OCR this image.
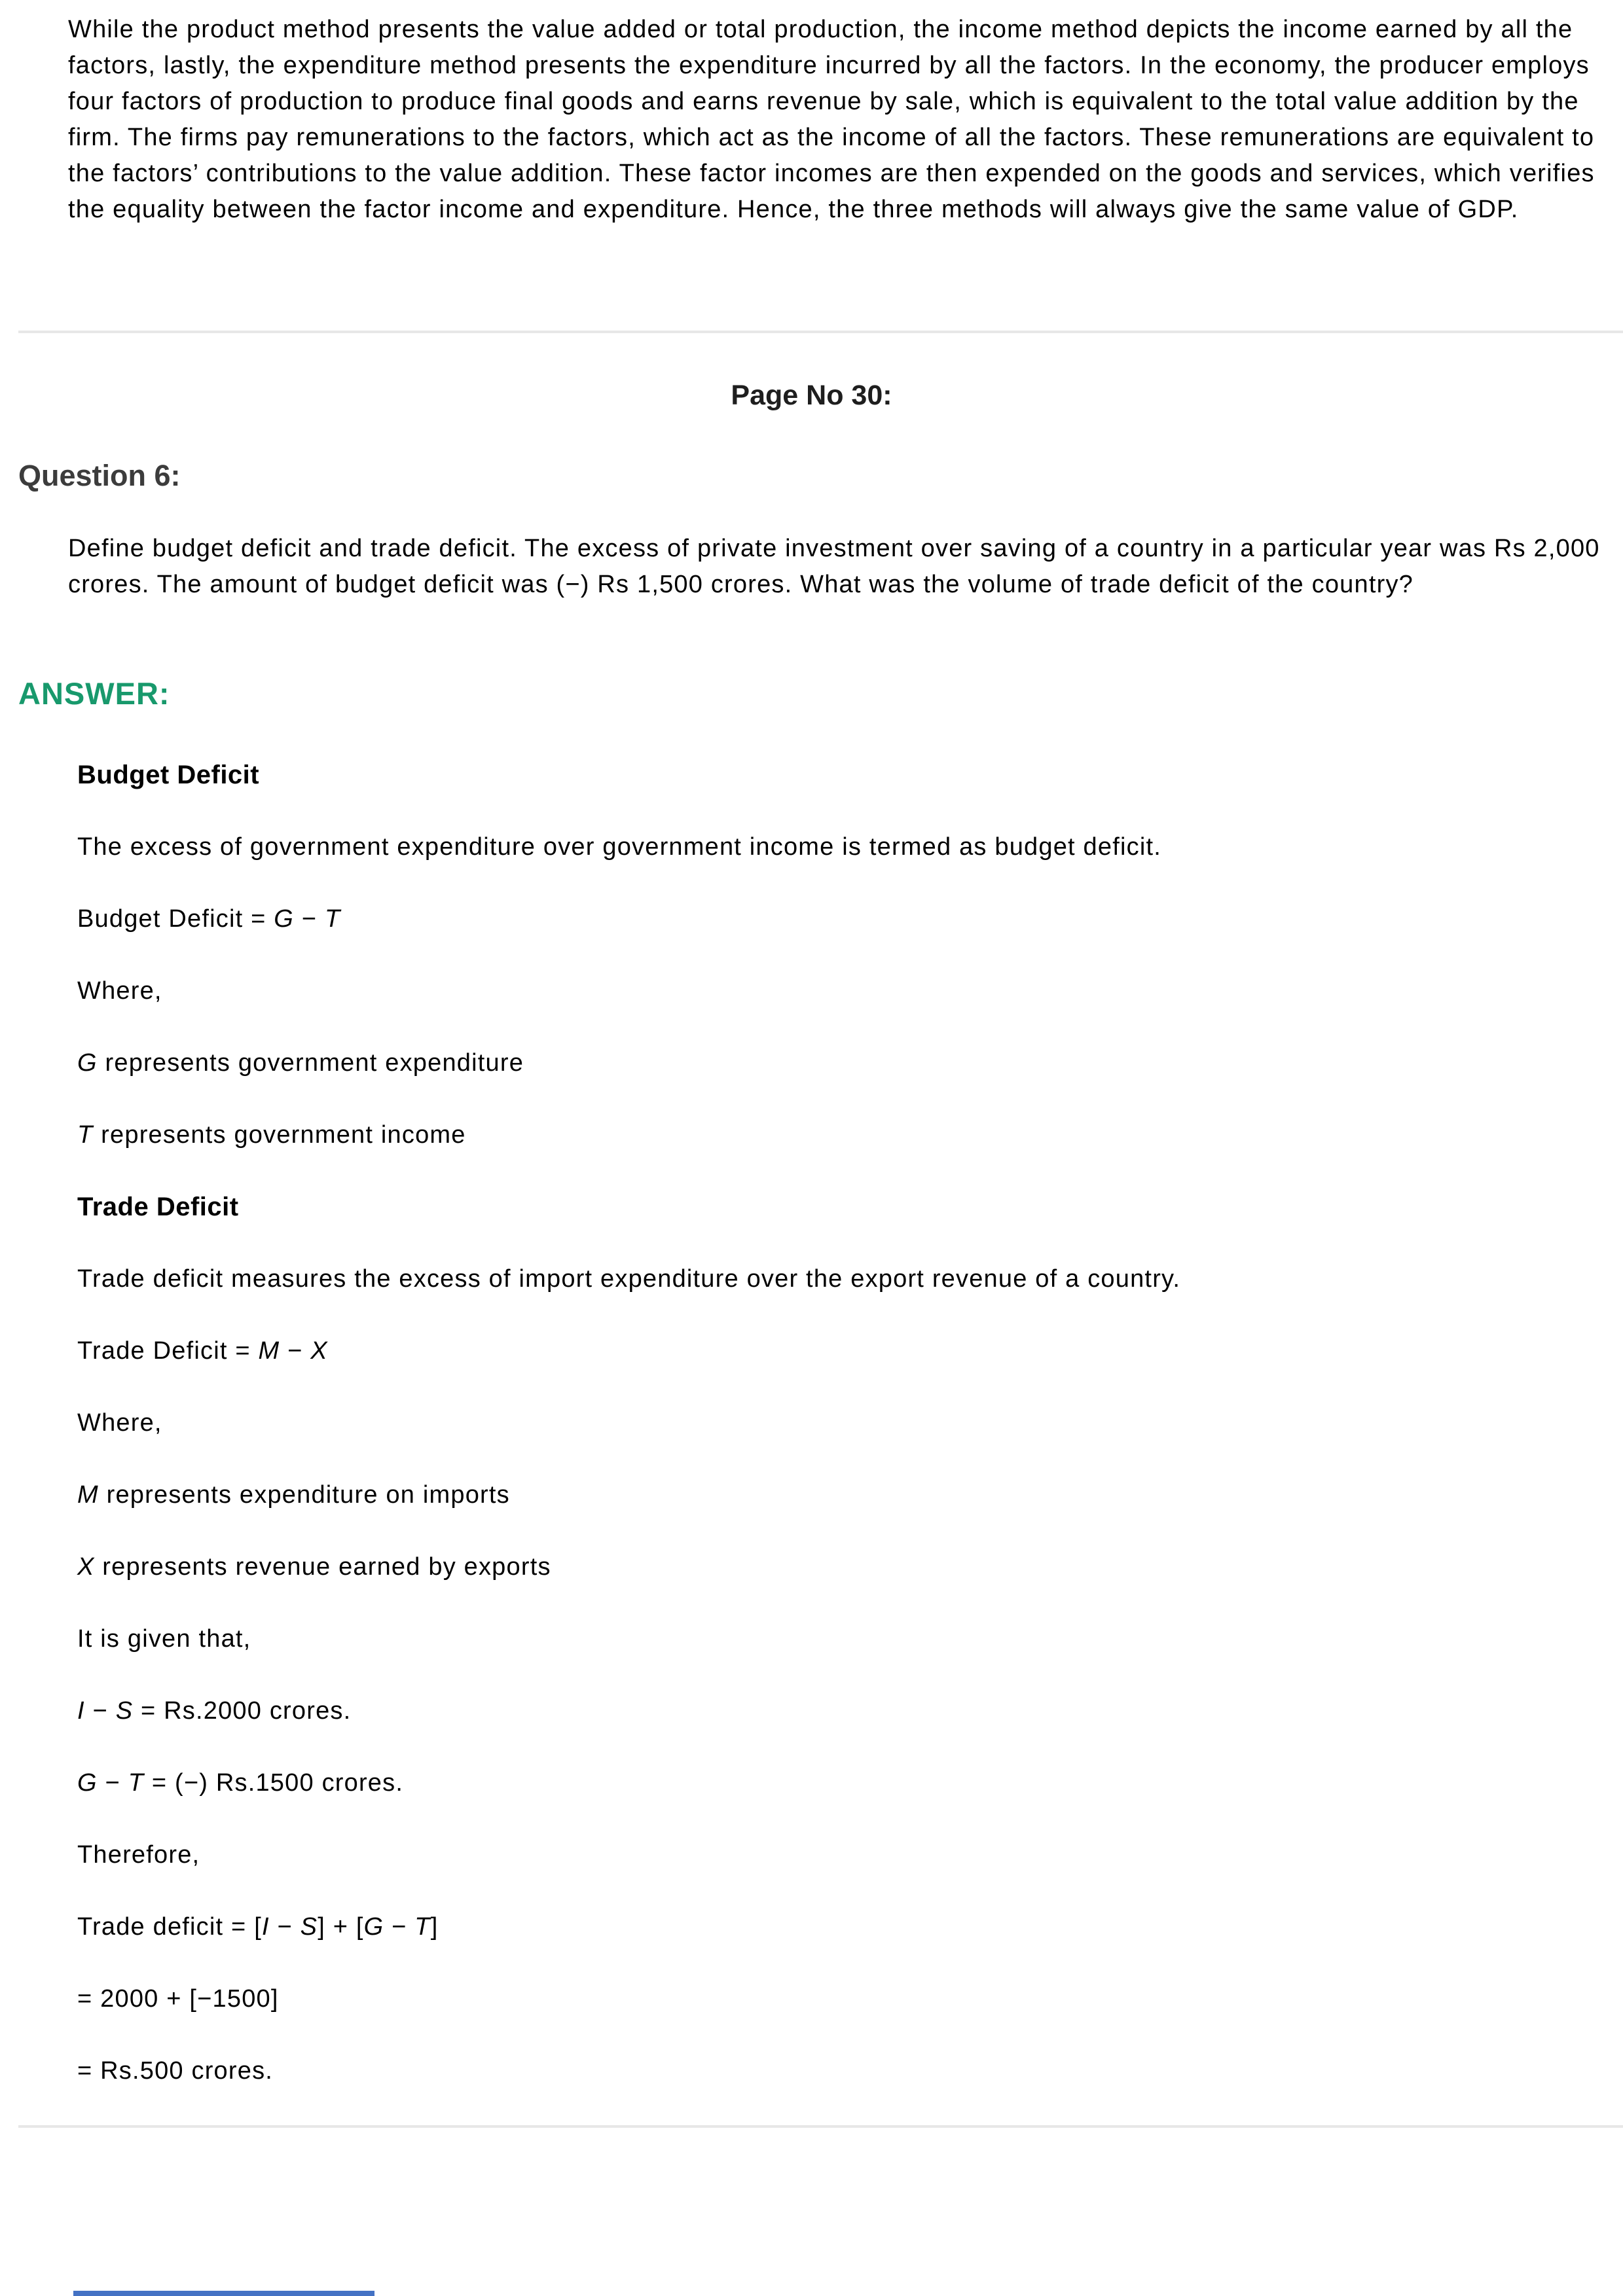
While the product method presents the value added or total production, the income method depicts the income earned by all the factors, lastly, the expenditure method presents the expenditure incurred by all the factors. In the economy, the producer employs four factors of production to produce final goods and earns revenue by sale, which is equivalent to the total value addition by the firm. The firms pay remunerations to the factors, which act as the income of all the factors. These remunerations are equivalent to the factors’ contributions to the value addition. These factor incomes are then expended on the goods and services, which verifies the equality between the factor income and expenditure. Hence, the three methods will always give the same value of GDP.

Page No 30:
Question 6:

Define budget deficit and trade deficit. The excess of private investment over saving of a country in a particular year was Rs 2,000 crores. The amount of budget deficit was (−) Rs 1,500 crores. What was the volume of trade deficit of the country?

ANSWER:

Budget Deficit

The excess of government expenditure over government income is termed as budget deficit.

Budget Deficit = G − T

Where,

G represents government expenditure

T represents government income

Trade Deficit

Trade deficit measures the excess of import expenditure over the export revenue of a country.

Trade Deficit = M − X

Where,

M represents expenditure on imports

X represents revenue earned by exports

It is given that,

I − S = Rs.2000 crores.

G − T = (−) Rs.1500 crores.

Therefore,

Trade deficit = [I − S] + [G − T]

= 2000 + [−1500]

= Rs.500 crores.
